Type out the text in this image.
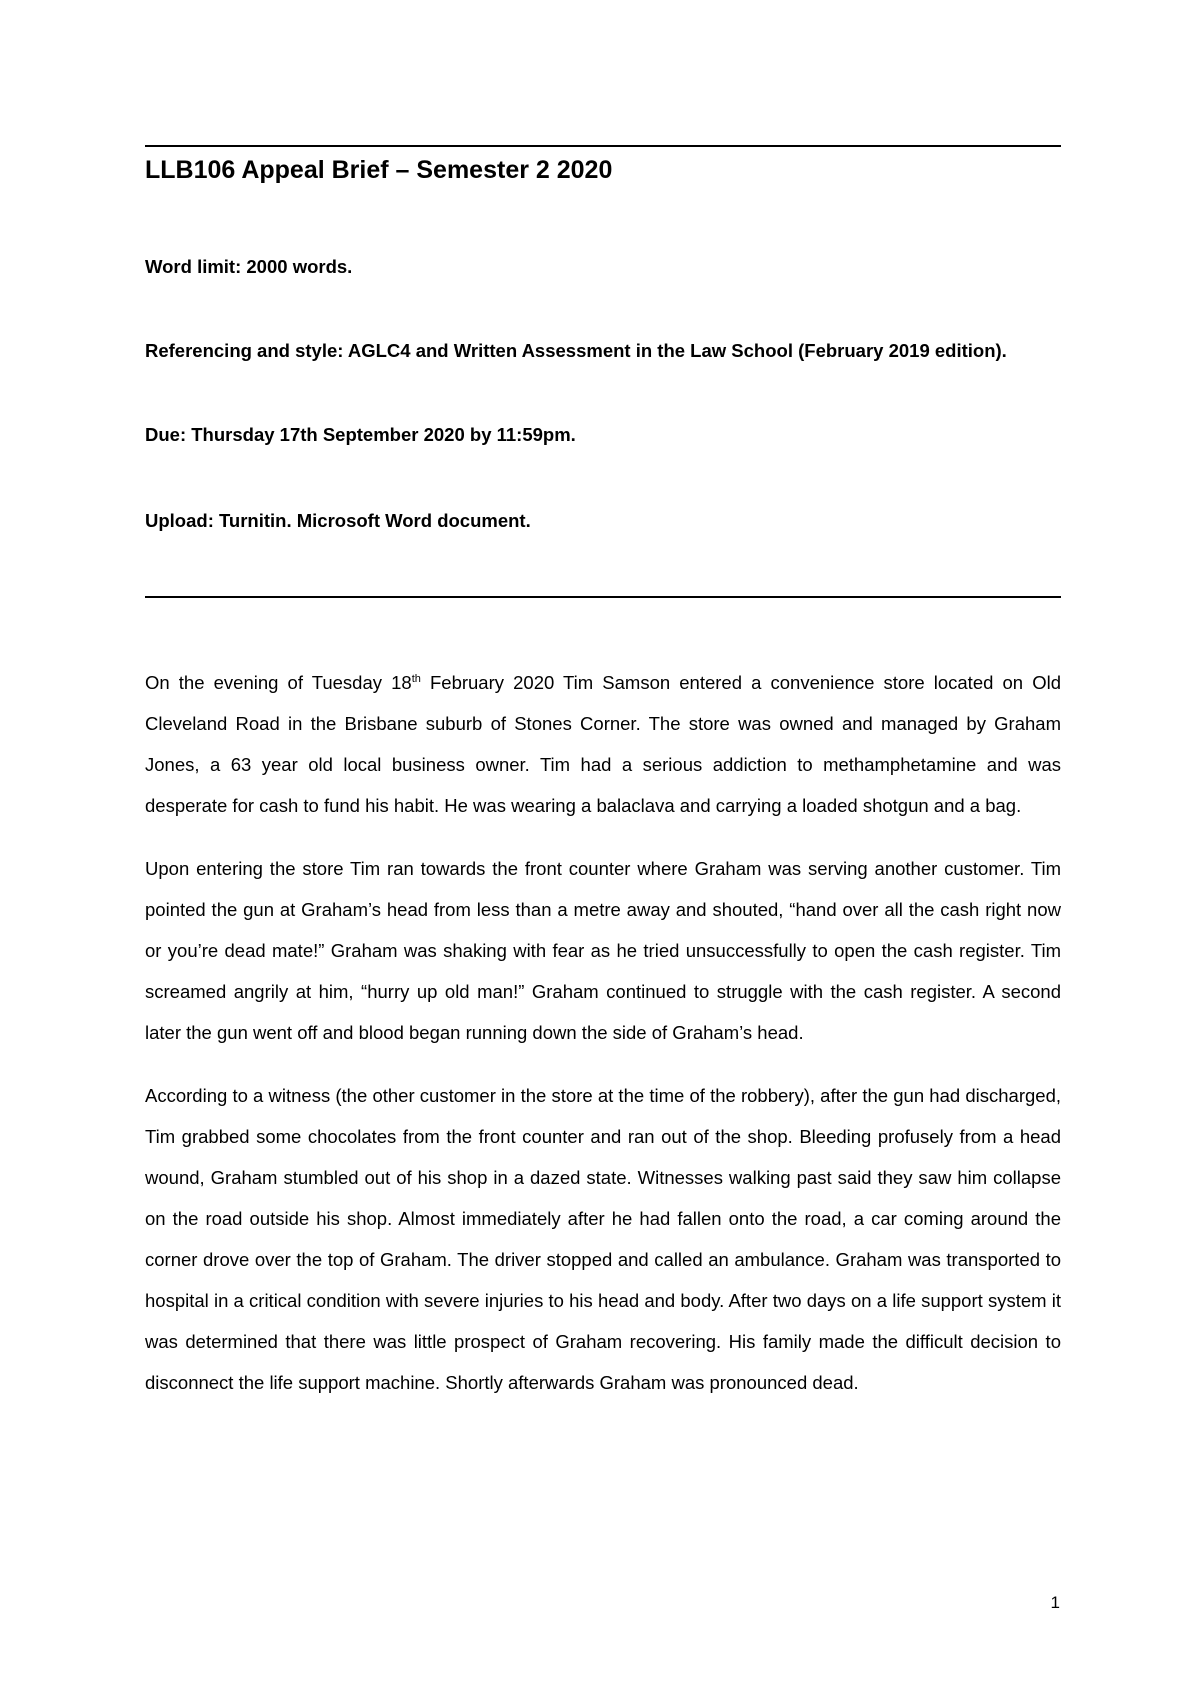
LLB106 Appeal Brief – Semester 2 2020
Word limit: 2000 words.
Referencing and style: AGLC4 and Written Assessment in the Law School (February 2019 edition).
Due: Thursday 17th September 2020 by 11:59pm.
Upload: Turnitin. Microsoft Word document.

On the evening of Tuesday 18th February 2020 Tim Samson entered a convenience store located on Old Cleveland Road in the Brisbane suburb of Stones Corner. The store was owned and managed by Graham Jones, a 63 year old local business owner. Tim had a serious addiction to methamphetamine and was desperate for cash to fund his habit. He was wearing a balaclava and carrying a loaded shotgun and a bag.

Upon entering the store Tim ran towards the front counter where Graham was serving another customer. Tim pointed the gun at Graham’s head from less than a metre away and shouted, “hand over all the cash right now or you’re dead mate!” Graham was shaking with fear as he tried unsuccessfully to open the cash register. Tim screamed angrily at him, “hurry up old man!” Graham continued to struggle with the cash register. A second later the gun went off and blood began running down the side of Graham’s head.

According to a witness (the other customer in the store at the time of the robbery), after the gun had discharged, Tim grabbed some chocolates from the front counter and ran out of the shop. Bleeding profusely from a head wound, Graham stumbled out of his shop in a dazed state. Witnesses walking past said they saw him collapse on the road outside his shop. Almost immediately after he had fallen onto the road, a car coming around the corner drove over the top of Graham. The driver stopped and called an ambulance. Graham was transported to hospital in a critical condition with severe injuries to his head and body. After two days on a life support system it was determined that there was little prospect of Graham recovering. His family made the difficult decision to disconnect the life support machine. Shortly afterwards Graham was pronounced dead.

1
